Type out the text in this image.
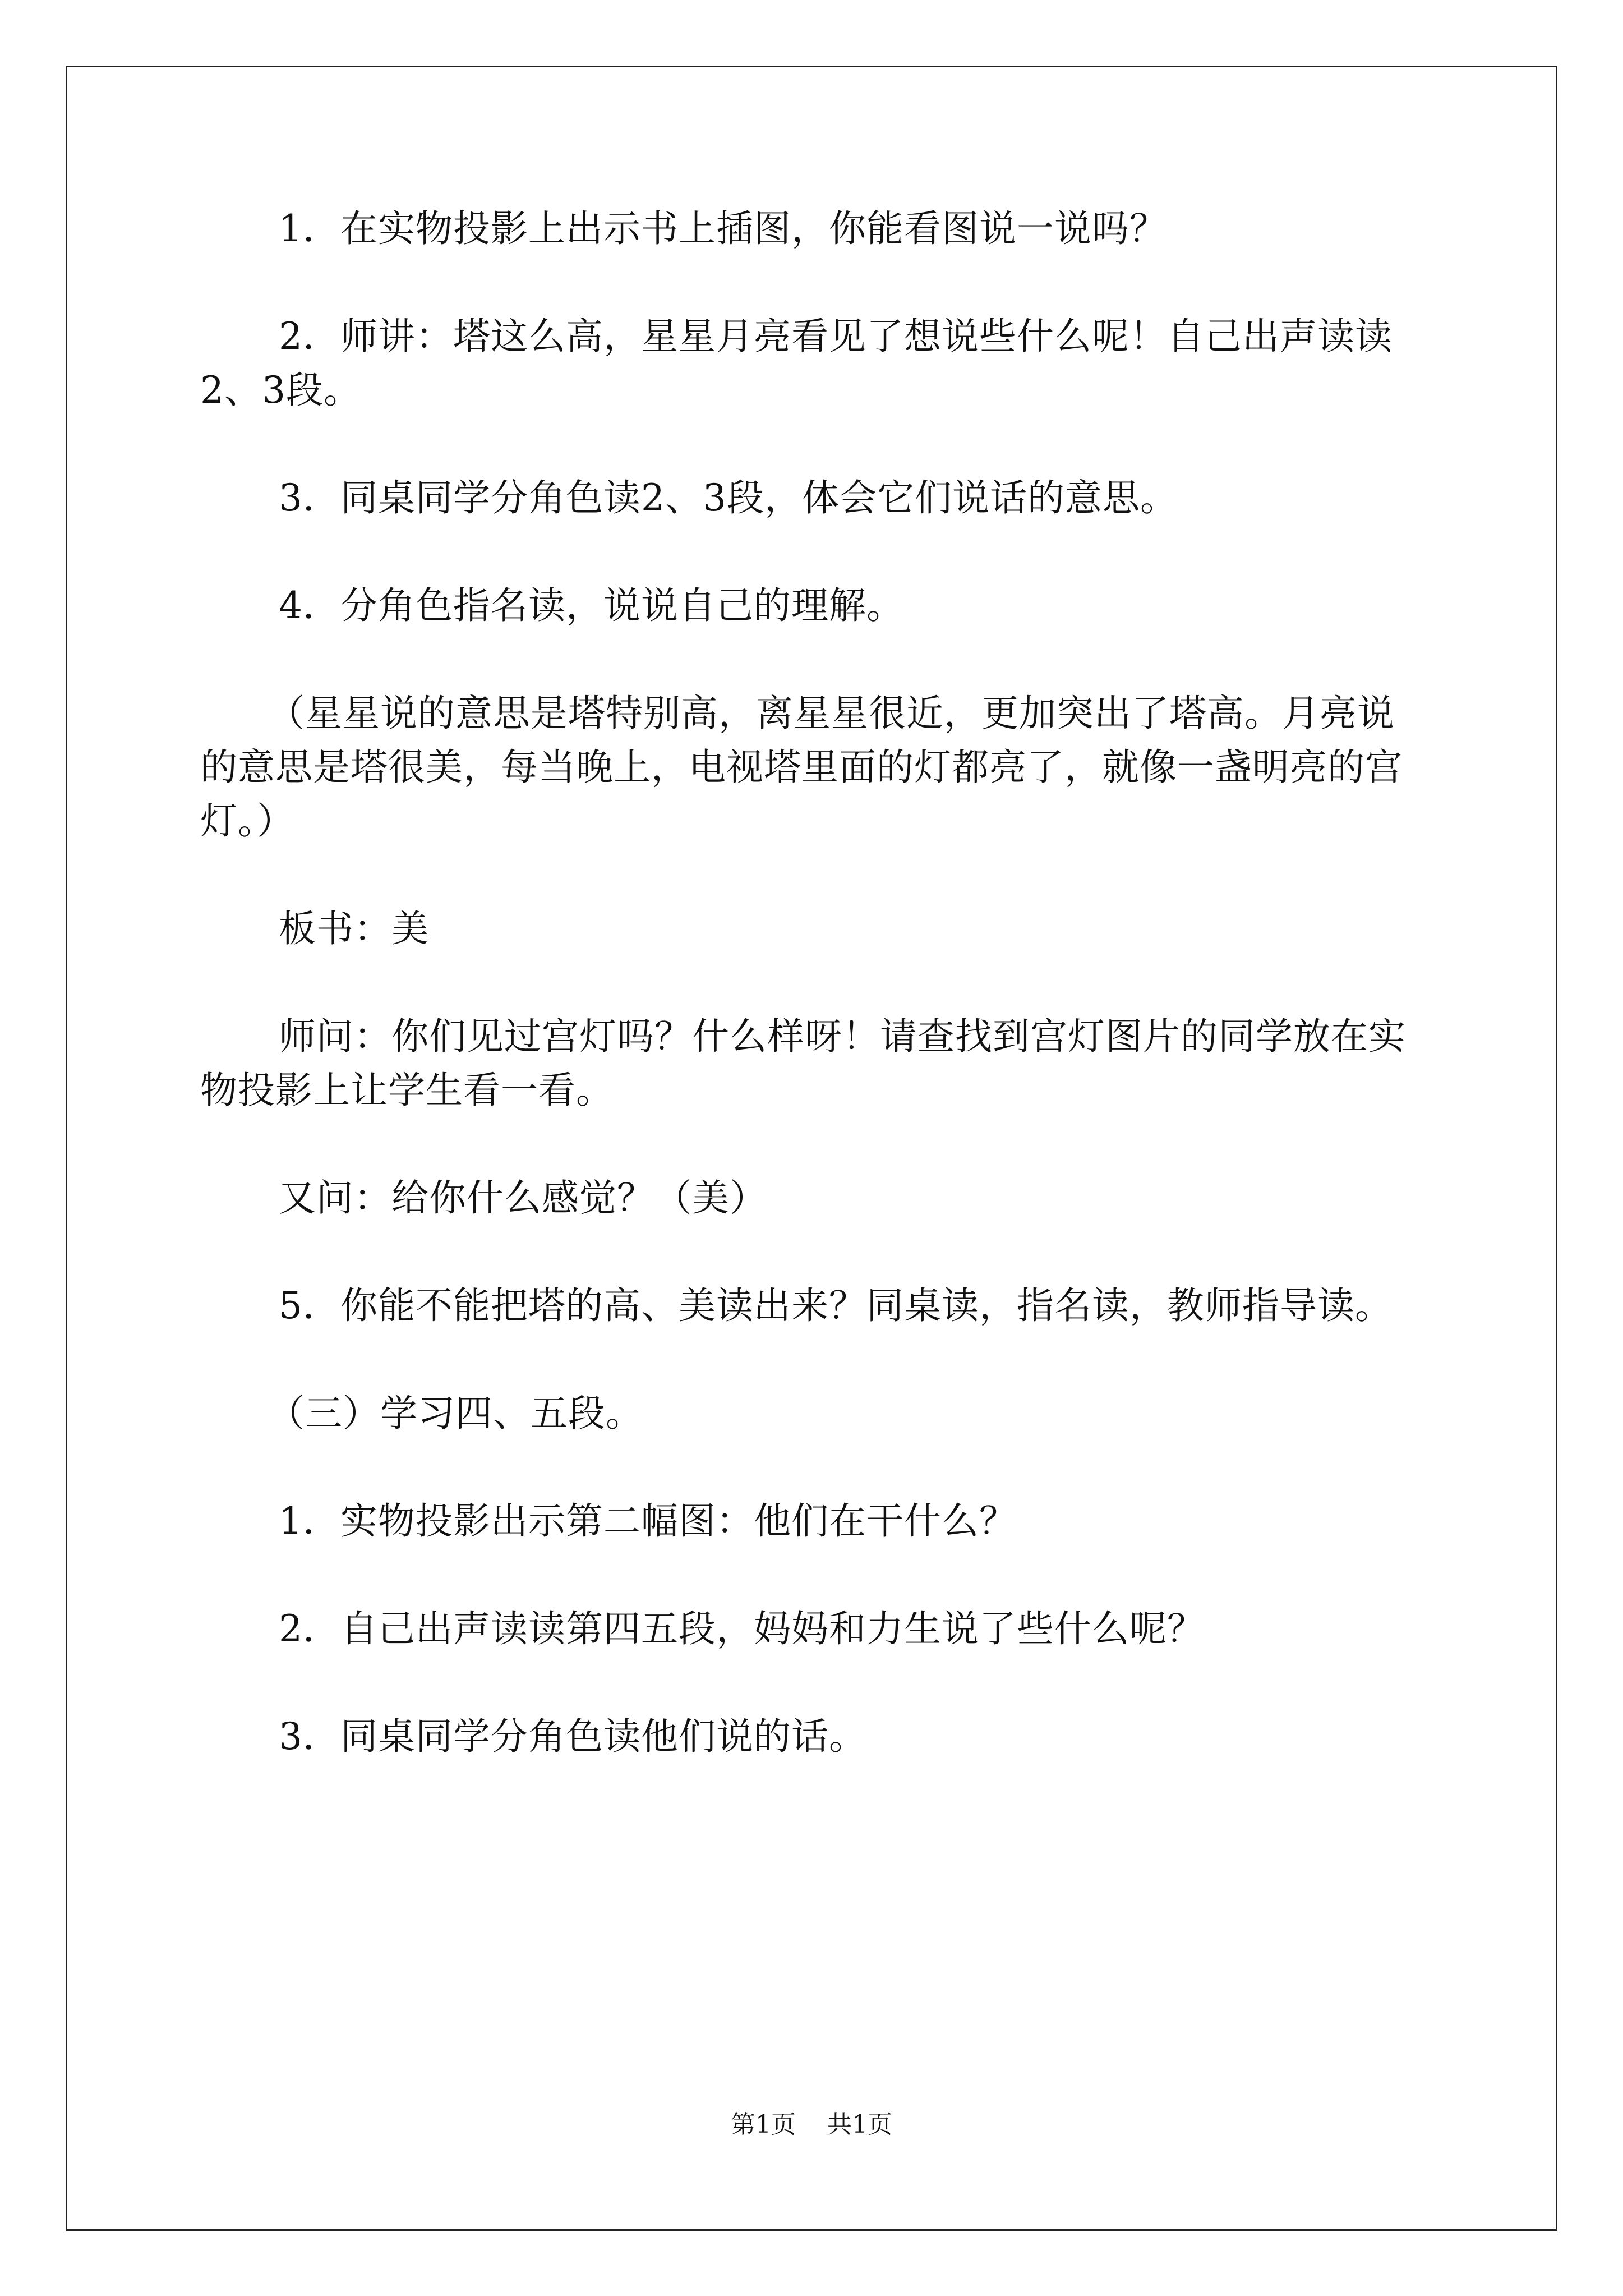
1．在实物投影上出示书上插图，你能看图说一说吗？

2．师讲：塔这么高，星星月亮看见了想说些什么呢！自己出声读读2、3段。

3．同桌同学分角色读2、3段，体会它们说话的意思。

4．分角色指名读，说说自己的理解。

（星星说的意思是塔特别高，离星星很近，更加突出了塔高。月亮说的意思是塔很美，每当晚上，电视塔里面的灯都亮了，就像一盏明亮的宫灯。）

板书：美

师问：你们见过宫灯吗？什么样呀！请查找到宫灯图片的同学放在实物投影上让学生看一看。

又问：给你什么感觉？（美）

5．你能不能把塔的高、美读出来？同桌读，指名读，教师指导读。

（三）学习四、五段。

1．实物投影出示第二幅图：他们在干什么？

2．自己出声读读第四五段，妈妈和力生说了些什么呢？

3．同桌同学分角色读他们说的话。

第1页 共1页
